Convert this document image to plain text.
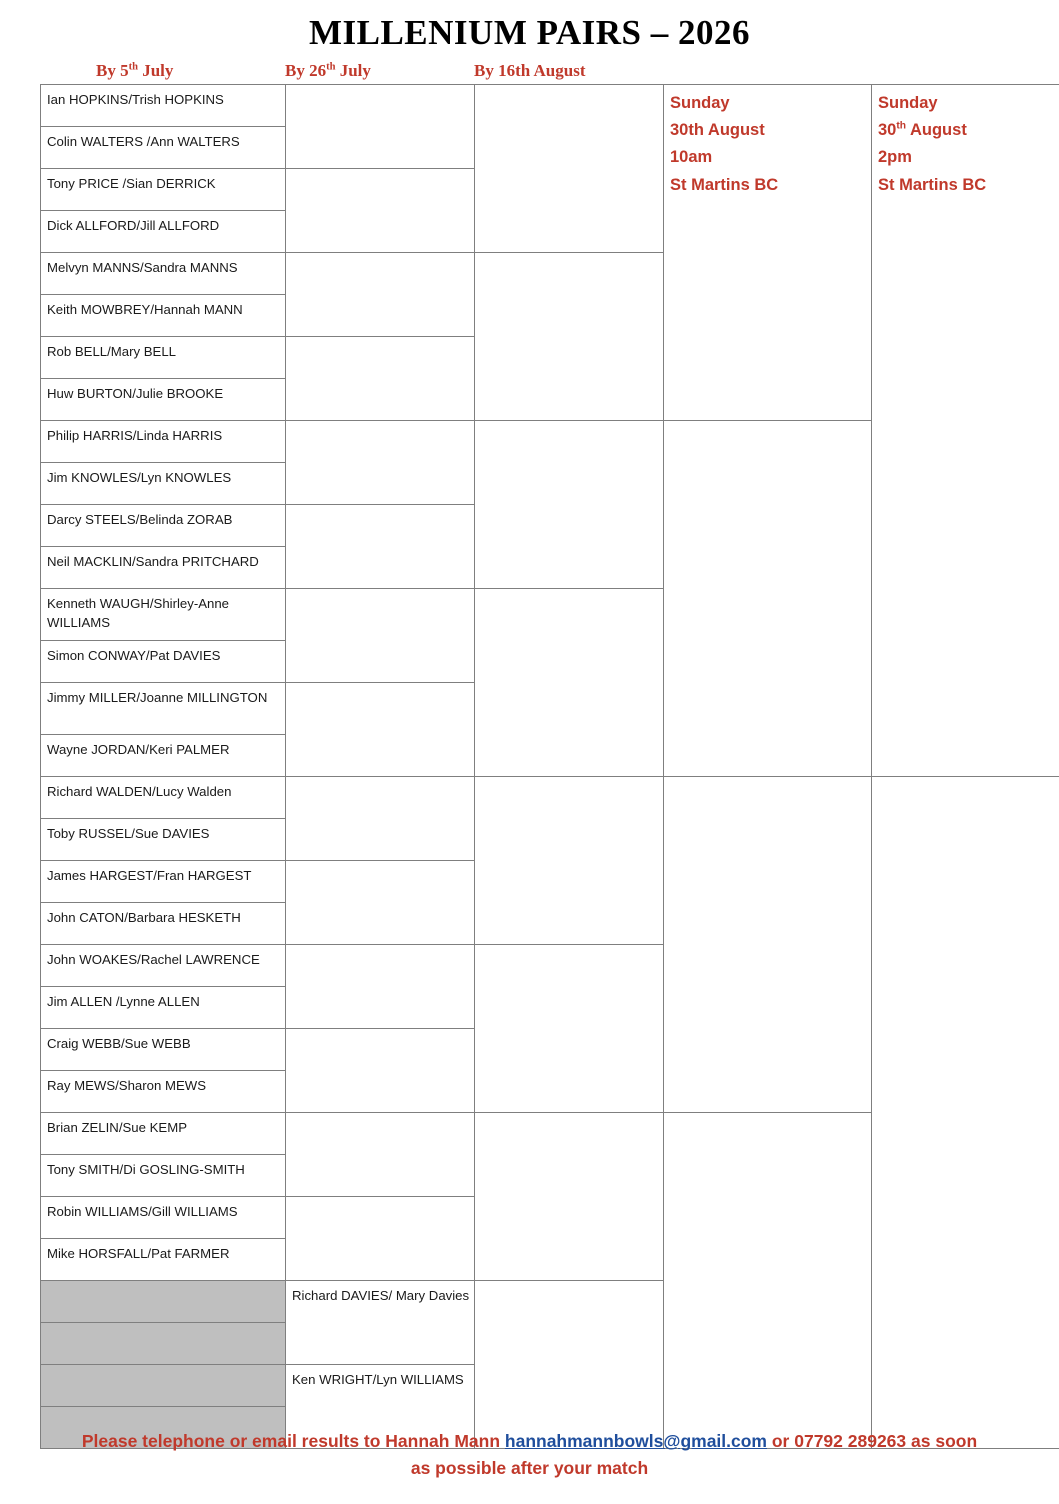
MILLENIUM PAIRS – 2026
By 5th July	By 26th July	By 16th August
Ian HOPKINS/Trish HOPKINS			Sunday
30th August
10am
St Martins BC	Sunday
30th August
2pm
St Martins BC

Colin WALTERS /Ann WALTERS				
Tony PRICE /Sian DERRICK				
Dick ALLFORD/Jill ALLFORD				
Melvyn MANNS/Sandra MANNS				
Keith MOWBREY/Hannah MANN				
Rob BELL/Mary BELL				
Huw BURTON/Julie BROOKE				
Philip HARRIS/Linda HARRIS				
Jim KNOWLES/Lyn KNOWLES				
Darcy STEELS/Belinda ZORAB				
Neil MACKLIN/Sandra PRITCHARD				
Kenneth WAUGH/Shirley-Anne WILLIAMS				
Simon CONWAY/Pat DAVIES				
Jimmy MILLER/Joanne MILLINGTON				
Wayne JORDAN/Keri PALMER				
Richard WALDEN/Lucy Walden				
Toby RUSSEL/Sue DAVIES				
James HARGEST/Fran HARGEST				
John CATON/Barbara HESKETH				
John WOAKES/Rachel LAWRENCE				
Jim ALLEN /Lynne ALLEN				
Craig WEBB/Sue WEBB				
Ray MEWS/Sharon MEWS				
Brian ZELIN/Sue KEMP				
Tony SMITH/Di GOSLING-SMITH				
Robin WILLIAMS/Gill WILLIAMS				
Mike HORSFALL/Pat FARMER				
	Richard DAVIES/ Mary Davies			

	Ken WRIGHT/Lyn WILLIAMS			

Please telephone or email results to Hannah Mann hannahmannbowls@gmail.com or 07792 289263 as soon as possible after your match
